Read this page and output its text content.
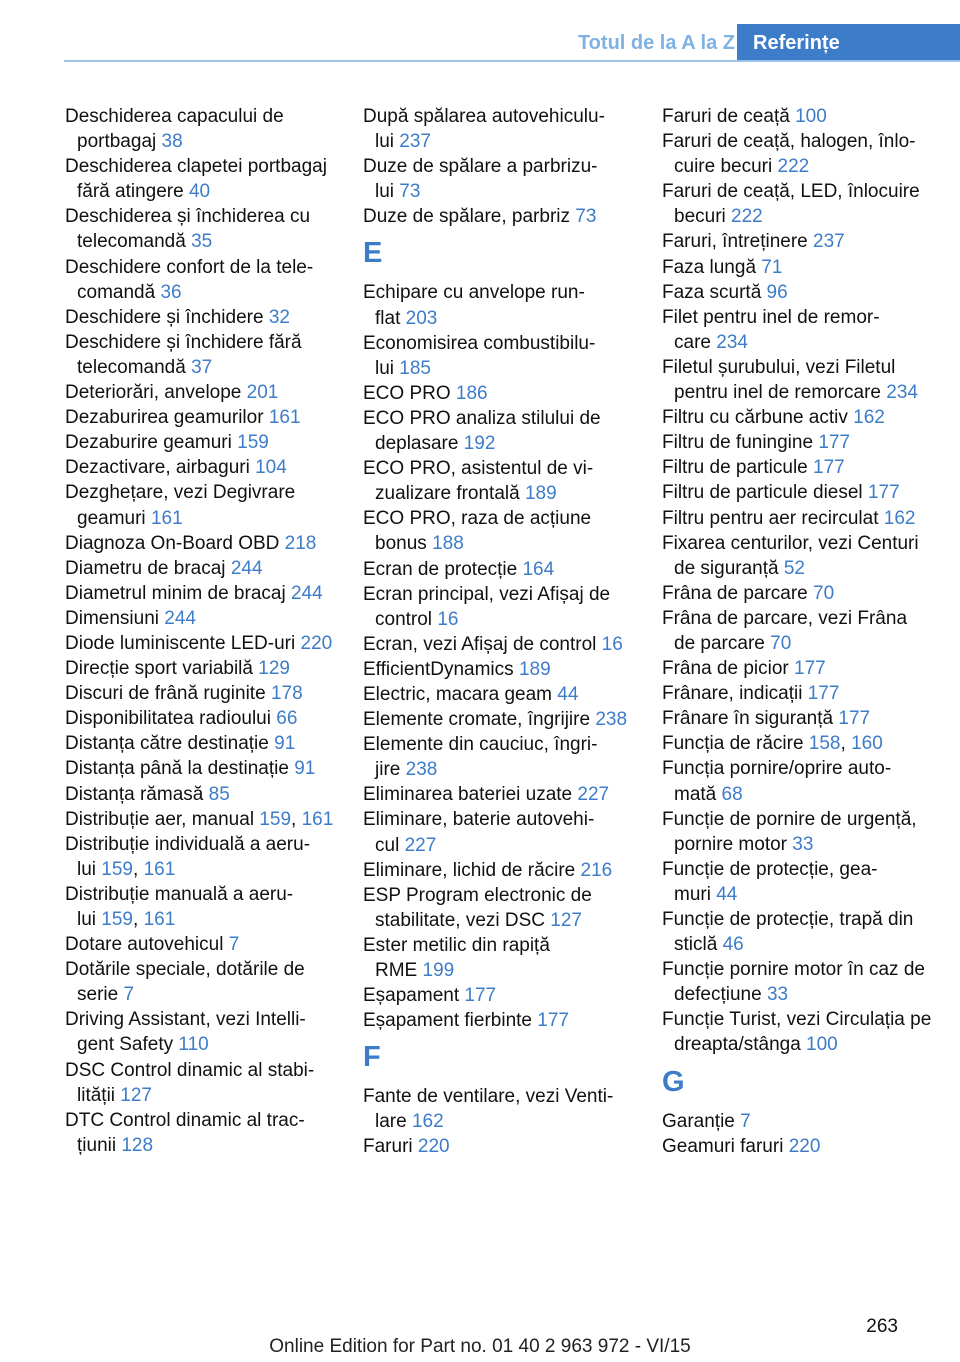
Totul de la A la Z Referințe
Deschiderea capacului de portbagaj 38
Deschiderea clapetei portbagaj fără atingere 40
Deschiderea și închiderea cu telecomandă 35
Deschidere confort de la telecomandă 36
Deschidere și închidere 32
Deschidere și închidere fără telecomandă 37
Deteriorări, anvelope 201
Dezaburirea geamurilor 161
Dezaburire geamuri 159
Dezactivare, airbaguri 104
Dezghețare, vezi Degivrare geamuri 161
Diagnoza On-Board OBD 218
Diametru de bracaj 244
Diametrul minim de bracaj 244
Dimensiuni 244
Diode luminiscente LED-uri 220
Direcție sport variabilă 129
Discuri de frână ruginite 178
Disponibilitatea radioului 66
Distanța către destinație 91
Distanța până la destinație 91
Distanța rămasă 85
Distribuție aer, manual 159, 161
Distribuție individuală a aerului 159, 161
Distribuție manuală a aerului 159, 161
Dotare autovehicul 7
Dotările speciale, dotările de serie 7
Driving Assistant, vezi Intelligent Safety 110
DSC Control dinamic al stabilității 127
DTC Control dinamic al tracțiunii 128
După spălarea autovehiculului 237
Duze de spălare a parbrizului 73
Duze de spălare, parbriz 73
E
Echipare cu anvelope run-flat 203
Economisirea combustibilului 185
ECO PRO 186
ECO PRO analiza stilului de deplasare 192
ECO PRO, asistentul de vizualizare frontală 189
ECO PRO, raza de acțiune bonus 188
Ecran de protecție 164
Ecran principal, vezi Afișaj de control 16
Ecran, vezi Afișaj de control 16
EfficientDynamics 189
Electric, macara geam 44
Elemente cromate, îngrijire 238
Elemente din cauciuc, îngrijire 238
Eliminarea bateriei uzate 227
Eliminare, baterie autovehicul 227
Eliminare, lichid de răcire 216
ESP Program electronic de stabilitate, vezi DSC 127
Ester metilic din rapiță RME 199
Eșapament 177
Eșapament fierbinte 177
F
Fante de ventilare, vezi Ventilare 162
Faruri 220
Faruri de ceață 100
Faruri de ceață, halogen, înlocuire becuri 222
Faruri de ceață, LED, înlocuire becuri 222
Faruri, întreținere 237
Faza lungă 71
Faza scurtă 96
Filet pentru inel de remorcare 234
Filetul șurubului, vezi Filetul pentru inel de remorcare 234
Filtru cu cărbune activ 162
Filtru de funingine 177
Filtru de particule 177
Filtru de particule diesel 177
Filtru pentru aer recirculat 162
Fixarea centurilor, vezi Centuri de siguranță 52
Frâna de parcare 70
Frâna de parcare, vezi Frâna de parcare 70
Frâna de picior 177
Frânare, indicații 177
Frânare în siguranță 177
Funcția de răcire 158, 160
Funcția pornire/oprire automată 68
Funcție de pornire de urgență, pornire motor 33
Funcție de protecție, geamuri 44
Funcție de protecție, trapă din sticlă 46
Funcție pornire motor în caz de defecțiune 33
Funcție Turist, vezi Circulația pe dreapta/stânga 100
G
Garanție 7
Geamuri faruri 220
263
Online Edition for Part no. 01 40 2 963 972 - VI/15
